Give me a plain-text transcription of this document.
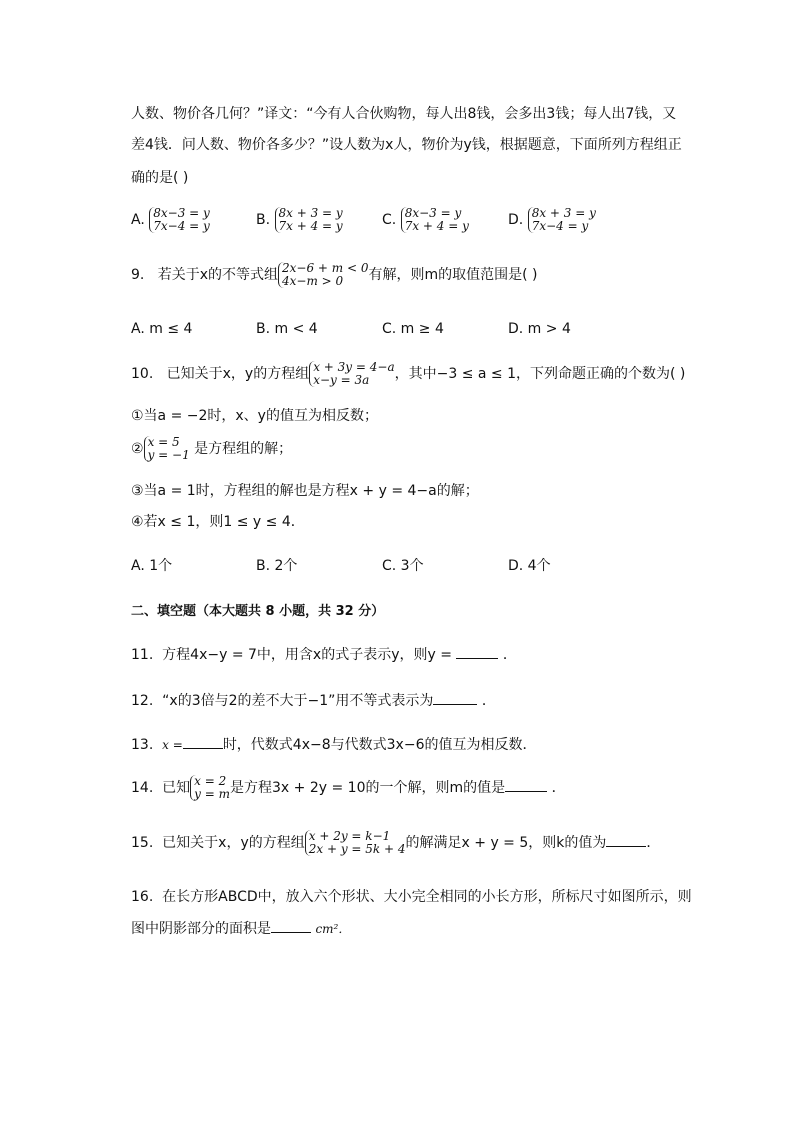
人数、物价各几何？”译文：“今有人合伙购物，每人出8钱，会多出3钱；每人出7钱，又
差4钱．问人数、物价各多少？”设人数为x人，物价为y钱，根据题意，下面所列方程组正
确的是( )
A. 8x−3 = y
7x−4 = y	B. 8x + 3 = y
7x + 4 = y	C. 8x−3 = y
7x + 4 = y	D. 8x + 3 = y
7x−4 = y
9. 若关于x的不等式组 2x−6 + m < 0
4x−m > 0	有解，则m的取值范围是( )
A. m ≤ 4	B. m < 4	C. m ≥ 4	D. m > 4
10. 已知关于x，y的方程组 x + 3y = 4−a
x−y = 3a	，其中−3 ≤ a ≤ 1，下列命题正确的个数为( )
①当a = −2时，x、y的值互为相反数；
② x = 5
y = −1 是方程组的解；
③当a = 1时，方程组的解也是方程x + y = 4−a的解；
④若x ≤ 1，则1 ≤ y ≤ 4．
A. 1个	B. 2个	C. 3个	D. 4个
二、填空题（本大题共 8 小题，共 32 分）
11. 方程4x−y = 7中，用含x的式子表示y，则y =	．
12. “x的3倍与2的差不大于−1”用不等式表示为	．
13. x =	时，代数式4x−8与代数式3x−6的值互为相反数．
14. 已知 x = 2
y = m 是方程3x + 2y = 10的一个解，则m的值是	．
15. 已知关于x，y的方程组 x + 2y = k−1
2x + y = 5k + 4 的解满足x + y = 5，则k的值为	．
16. 在长方形ABCD中，放入六个形状、大小完全相同的小长方形，所标尺寸如图所示，则
图中阴影部分的面积是	cm²．
